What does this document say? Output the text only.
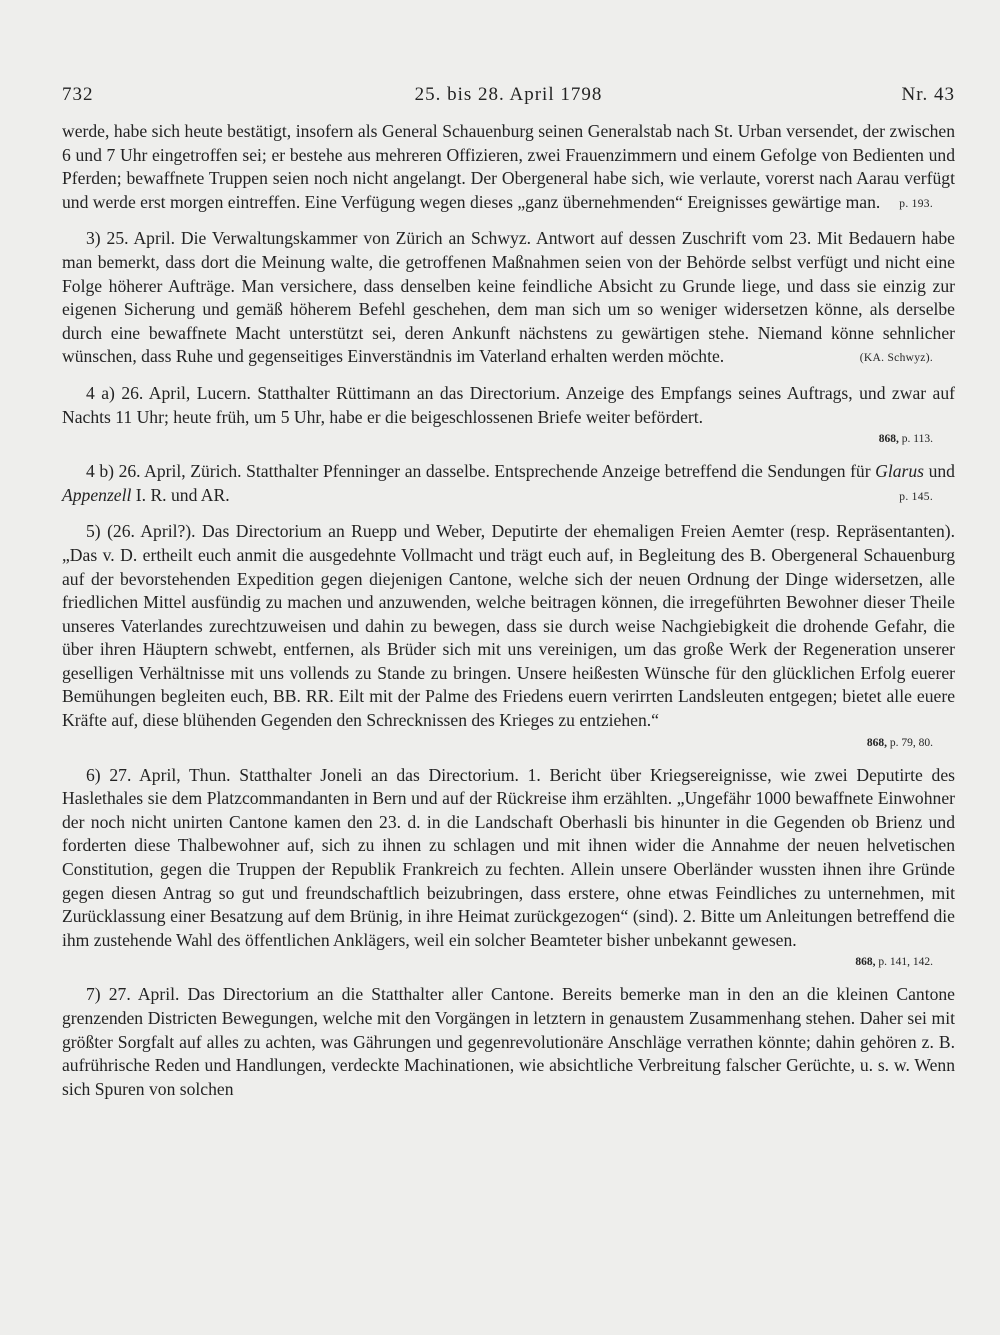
732	25. bis 28. April 1798	Nr. 43

werde, habe sich heute bestätigt, insofern als General Schauenburg seinen Generalstab nach St. Urban versendet, der zwischen 6 und 7 Uhr eingetroffen sei; er bestehe aus mehreren Offizieren, zwei Frauenzimmern und einem Gefolge von Bedienten und Pferden; bewaffnete Truppen seien noch nicht angelangt. Der Obergeneral habe sich, wie verlaute, vorerst nach Aarau verfügt und werde erst morgen eintreffen. Eine Verfügung wegen dieses „ganz übernehmenden“ Ereignisses gewärtige man. p. 193.

3) 25. April. Die Verwaltungskammer von Zürich an Schwyz. Antwort auf dessen Zuschrift vom 23. Mit Bedauern habe man bemerkt, dass dort die Meinung walte, die getroffenen Maßnahmen seien von der Behörde selbst verfügt und nicht eine Folge höherer Aufträge. Man versichere, dass denselben keine feindliche Absicht zu Grunde liege, und dass sie einzig zur eigenen Sicherung und gemäß höherem Befehl geschehen, dem man sich um so weniger widersetzen könne, als derselbe durch eine bewaffnete Macht unterstützt sei, deren Ankunft nächstens zu gewärtigen stehe. Niemand könne sehnlicher wünschen, dass Ruhe und gegenseitiges Einverständnis im Vaterland erhalten werden möchte.	(KA. Schwyz).

4 a) 26. April, Lucern. Statthalter Rüttimann an das Directorium. Anzeige des Empfangs seines Auftrags, und zwar auf Nachts 11 Uhr; heute früh, um 5 Uhr, habe er die beigeschlossenen Briefe weiter befördert.
868, p. 113.

4 b) 26. April, Zürich. Statthalter Pfenninger an dasselbe. Entsprechende Anzeige betreffend die Sendungen für Glarus und Appenzell I. R. und AR.	p. 145.

5) (26. April?). Das Directorium an Ruepp und Weber, Deputirte der ehemaligen Freien Aemter (resp. Repräsentanten). „Das v. D. ertheilt euch anmit die ausgedehnte Vollmacht und trägt euch auf, in Begleitung des B. Obergeneral Schauenburg auf der bevorstehenden Expedition gegen diejenigen Cantone, welche sich der neuen Ordnung der Dinge widersetzen, alle friedlichen Mittel ausfündig zu machen und anzuwenden, welche beitragen können, die irregeführten Bewohner dieser Theile unseres Vaterlandes zurechtzuweisen und dahin zu bewegen, dass sie durch weise Nachgiebigkeit die drohende Gefahr, die über ihren Häuptern schwebt, entfernen, als Brüder sich mit uns vereinigen, um das große Werk der Regeneration unserer geselligen Verhältnisse mit uns vollends zu Stande zu bringen. Unsere heißesten Wünsche für den glücklichen Erfolg euerer Bemühungen begleiten euch, BB. RR. Eilt mit der Palme des Friedens euern verirrten Landsleuten entgegen; bietet alle euere Kräfte auf, diese blühenden Gegenden den Schrecknissen des Krieges zu entziehen.“
868, p. 79, 80.

6) 27. April, Thun. Statthalter Joneli an das Directorium. 1. Bericht über Kriegsereignisse, wie zwei Deputirte des Haslethales sie dem Platzcommandanten in Bern und auf der Rückreise ihm erzählten. „Ungefähr 1000 bewaffnete Einwohner der noch nicht unirten Cantone kamen den 23. d. in die Landschaft Oberhasli bis hinunter in die Gegenden ob Brienz und forderten diese Thalbewohner auf, sich zu ihnen zu schlagen und mit ihnen wider die Annahme der neuen helvetischen Constitution, gegen die Truppen der Republik Frankreich zu fechten. Allein unsere Oberländer wussten ihnen ihre Gründe gegen diesen Antrag so gut und freundschaftlich beizubringen, dass erstere, ohne etwas Feindliches zu unternehmen, mit Zurücklassung einer Besatzung auf dem Brünig, in ihre Heimat zurückgezogen“ (sind). 2. Bitte um Anleitungen betreffend die ihm zustehende Wahl des öffentlichen Anklägers, weil ein solcher Beamteter bisher unbekannt gewesen.
868, p. 141, 142.

7) 27. April. Das Directorium an die Statthalter aller Cantone. Bereits bemerke man in den an die kleinen Cantone grenzenden Districten Bewegungen, welche mit den Vorgängen in letztern in genaustem Zusammenhang stehen. Daher sei mit größter Sorgfalt auf alles zu achten, was Gährungen und gegenrevolutionäre Anschläge verrathen könnte; dahin gehören z. B. aufrührische Reden und Handlungen, verdeckte Machinationen, wie absichtliche Verbreitung falscher Gerüchte, u. s. w. Wenn sich Spuren von solchen
